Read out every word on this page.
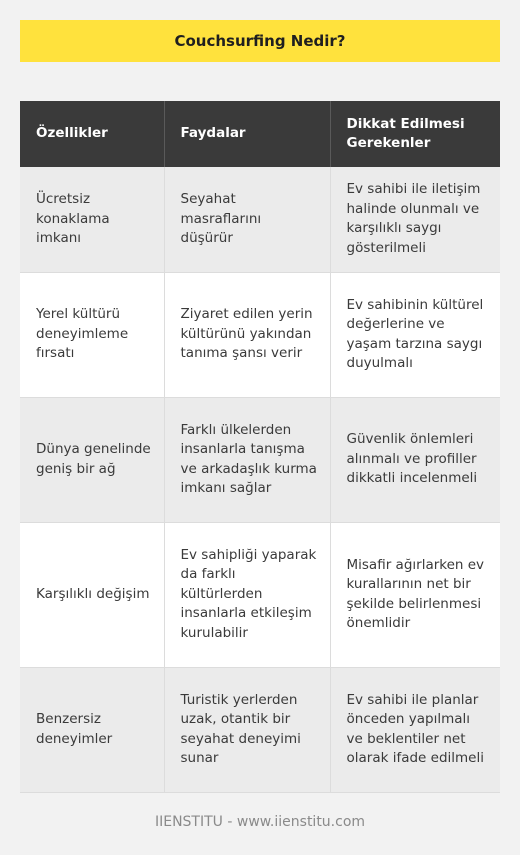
Couchsurfing Nedir?
Özellikler	Faydalar	Dikkat Edilmesi Gerekenler
Ücretsiz konaklama imkanı	Seyahat masraflarını düşürür	Ev sahibi ile iletişim halinde olunmalı ve karşılıklı saygı gösterilmeli
Yerel kültürü deneyimleme fırsatı	Ziyaret edilen yerin kültürünü yakından tanıma şansı verir	Ev sahibinin kültürel değerlerine ve yaşam tarzına saygı duyulmalı
Dünya genelinde geniş bir ağ	Farklı ülkelerden insanlarla tanışma ve arkadaşlık kurma imkanı sağlar	Güvenlik önlemleri alınmalı ve profiller dikkatli incelenmeli
Karşılıklı değişim	Ev sahipliği yaparak da farklı kültürlerden insanlarla etkileşim kurulabilir	Misafir ağırlarken ev kurallarının net bir şekilde belirlenmesi önemlidir
Benzersiz deneyimler	Turistik yerlerden uzak, otantik bir seyahat deneyimi sunar	Ev sahibi ile planlar önceden yapılmalı ve beklentiler net olarak ifade edilmeli
IIENSTITU - www.iienstitu.com
